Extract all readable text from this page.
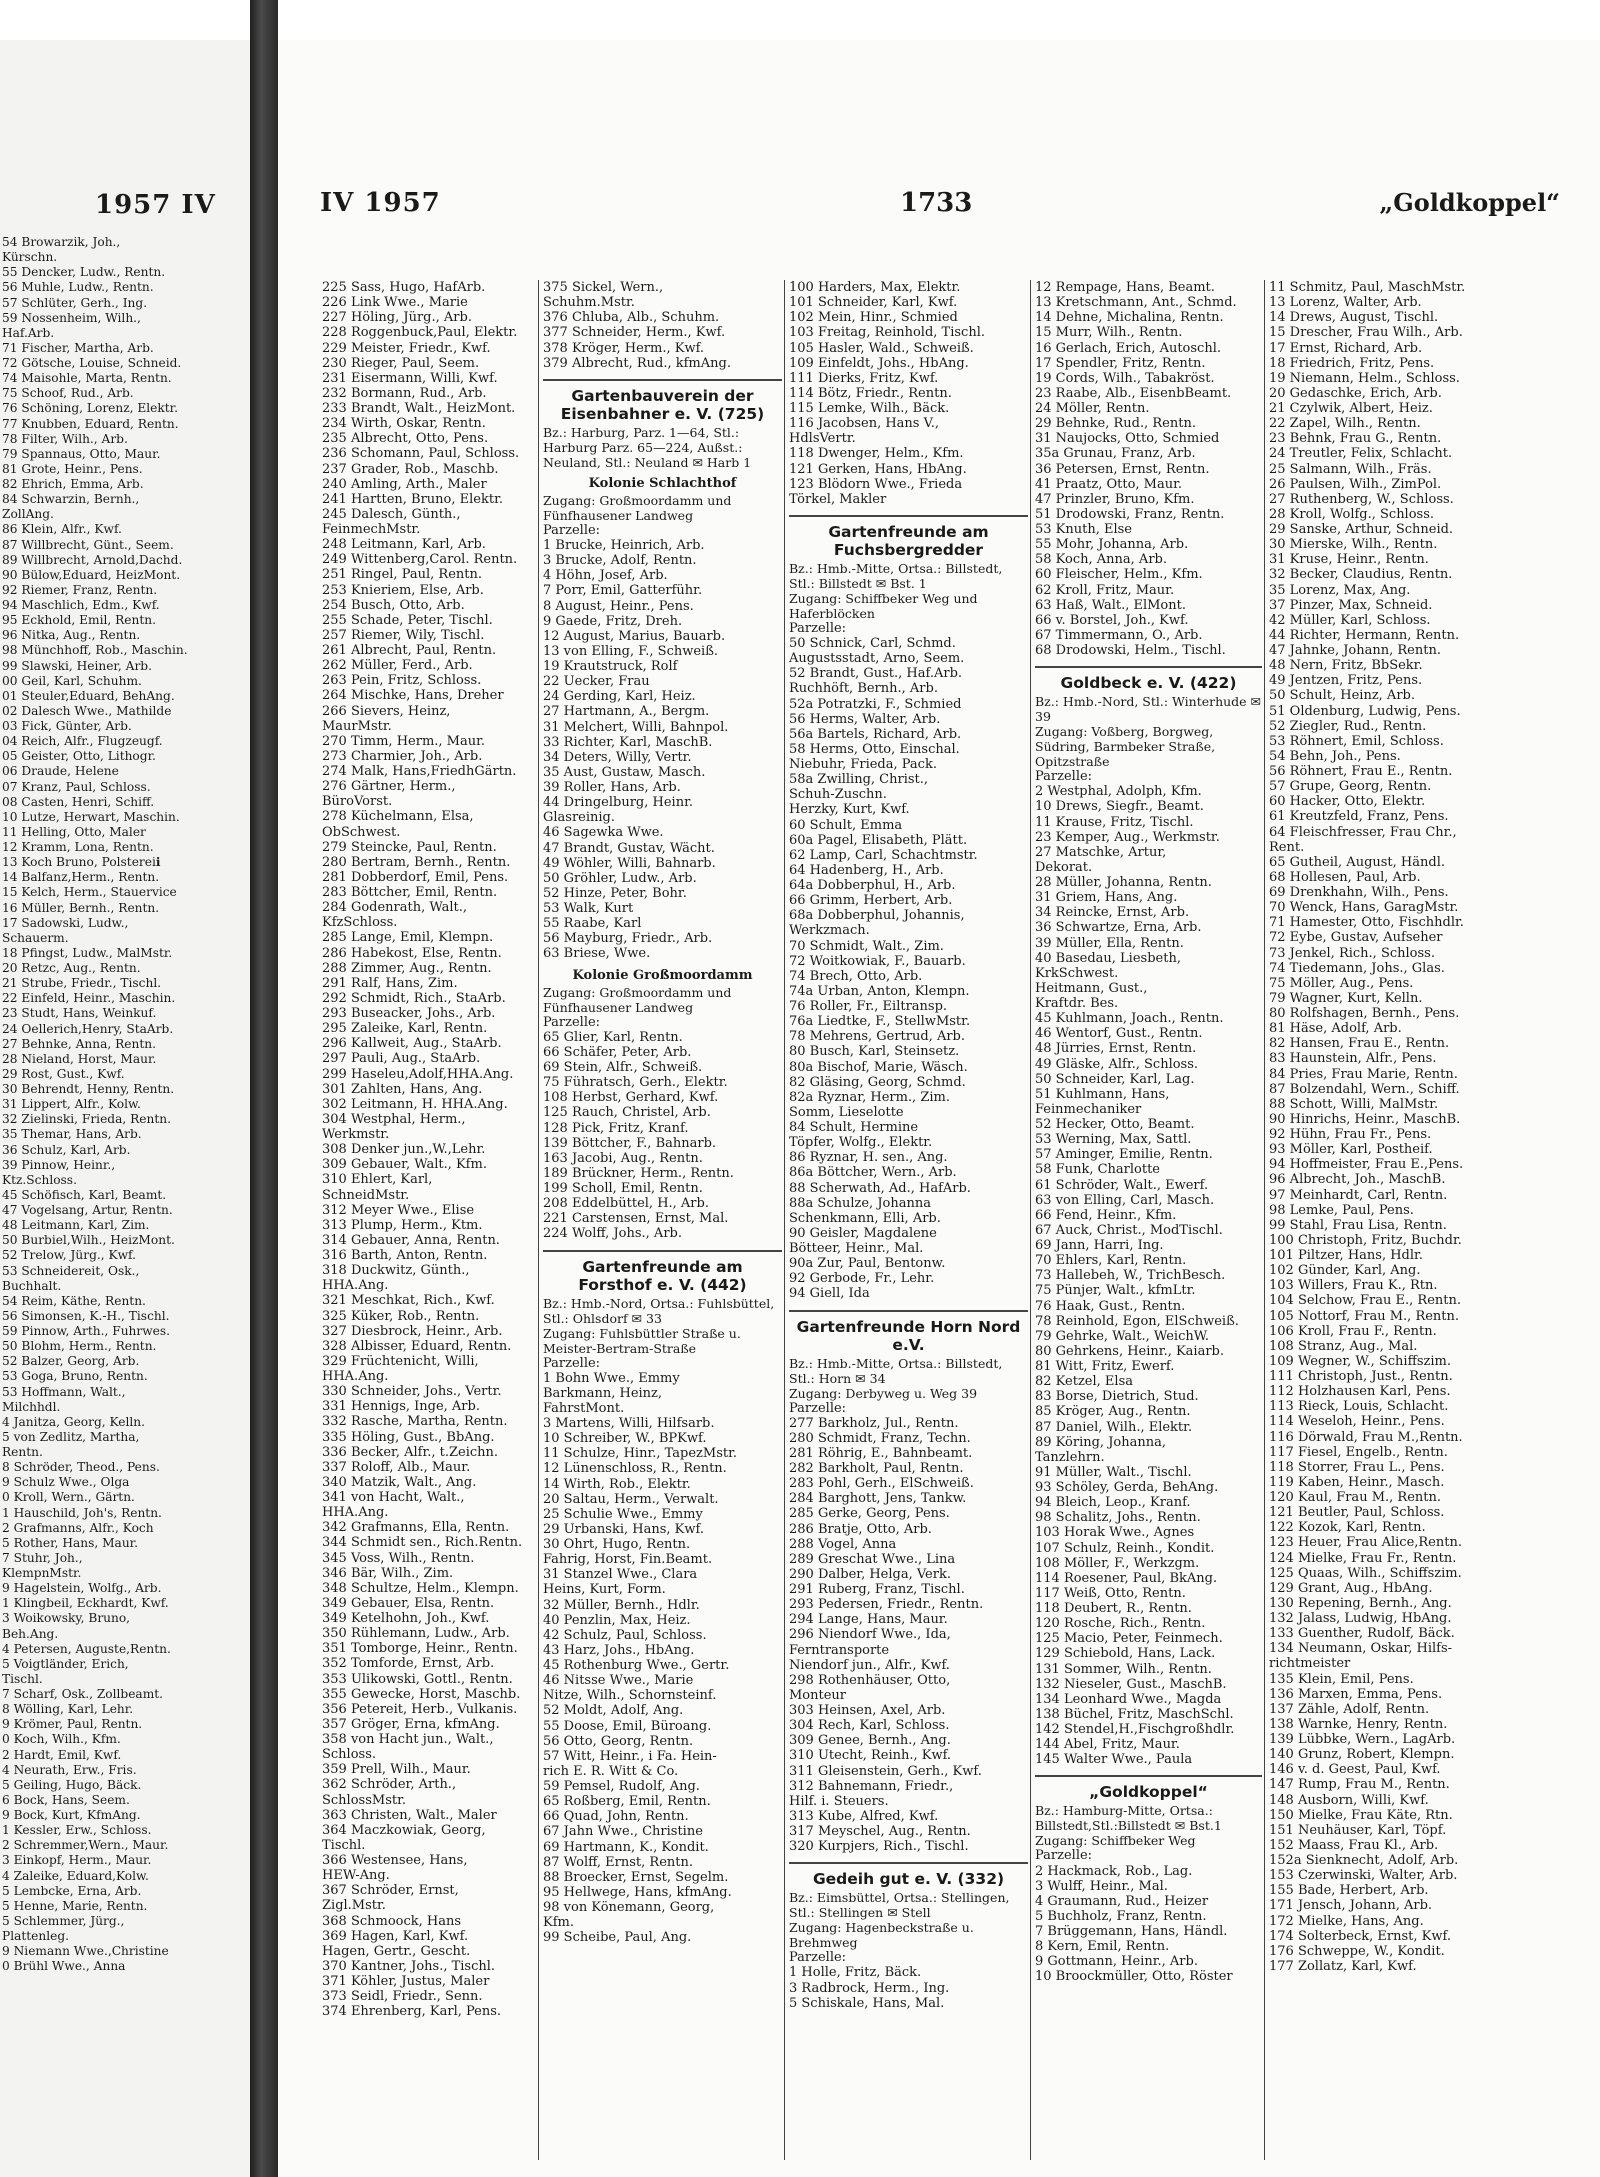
1957 IV
54 Browarzik, Joh.,
Kürschn.
55 Dencker, Ludw., Rentn.
56 Muhle, Ludw., Rentn.
57 Schlüter, Gerh., Ing.
59 Nossenheim, Wilh.,
Haf.Arb.
71 Fischer, Martha, Arb.
72 Götsche, Louise, Schneid.
74 Maisohle, Marta, Rentn.
75 Schoof, Rud., Arb.
76 Schöning, Lorenz, Elektr.
77 Knubben, Eduard, Rentn.
78 Filter, Wilh., Arb.
79 Spannaus, Otto, Maur.
81 Grote, Heinr., Pens.
82 Ehrich, Emma, Arb.
84 Schwarzin, Bernh.,
ZollAng.
86 Klein, Alfr., Kwf.
87 Willbrecht, Günt., Seem.
89 Willbrecht, Arnold,Dachd.
90 Bülow,Eduard, HeizMont.
92 Riemer, Franz, Rentn.
94 Maschlich, Edm., Kwf.
95 Eckhold, Emil, Rentn.
96 Nitka, Aug., Rentn.
98 Münchhoff, Rob., Maschin.
99 Slawski, Heiner, Arb.
00 Geil, Karl, Schuhm.
01 Steuler,Eduard, BehAng.
02 Dalesch Wwe., Mathilde
03 Fick, Günter, Arb.
04 Reich, Alfr., Flugzeugf.
05 Geister, Otto, Lithogr.
06 Draude, Helene
07 Kranz, Paul, Schloss.
08 Casten, Henri, Schiff.
10 Lutze, Herwart, Maschin.
11 Helling, Otto, Maler
12 Kramm, Lona, Rentn.
13 Koch Bruno, Polstereiℹ
14 Balfanz,Herm., Rentn.
15 Kelch, Herm., Stauervice
16 Müller, Bernh., Rentn.
17 Sadowski, Ludw.,
Schauerm.
18 Pfingst, Ludw., MalMstr.
20 Retzc, Aug., Rentn.
21 Strube, Friedr., Tischl.
22 Einfeld, Heinr., Maschin.
23 Studt, Hans, Weinkuf.
24 Oellerich,Henry, StaArb.
27 Behnke, Anna, Rentn.
28 Nieland, Horst, Maur.
29 Rost, Gust., Kwf.
30 Behrendt, Henny, Rentn.
31 Lippert, Alfr., Kolw.
32 Zielinski, Frieda, Rentn.
35 Themar, Hans, Arb.
36 Schulz, Karl, Arb.
39 Pinnow, Heinr.,
Ktz.Schloss.
45 Schöfisch, Karl, Beamt.
47 Vogelsang, Artur, Rentn.
48 Leitmann, Karl, Zim.
50 Burbiel,Wilh., HeizMont.
52 Trelow, Jürg., Kwf.
53 Schneidereit, Osk.,
Buchhalt.
54 Reim, Käthe, Rentn.
56 Simonsen, K.-H., Tischl.
59 Pinnow, Arth., Fuhrwes.
50 Blohm, Herm., Rentn.
52 Balzer, Georg, Arb.
53 Goga, Bruno, Rentn.
53 Hoffmann, Walt.,
Milchhdl.
4 Janitza, Georg, Kelln.
5 von Zedlitz, Martha,
Rentn.
8 Schröder, Theod., Pens.
9 Schulz Wwe., Olga
0 Kroll, Wern., Gärtn.
1 Hauschild, Joh's, Rentn.
2 Grafmanns, Alfr., Koch
5 Rother, Hans, Maur.
7 Stuhr, Joh.,
KlempnMstr.
9 Hagelstein, Wolfg., Arb.
1 Klingbeil, Eckhardt, Kwf.
3 Woikowsky, Bruno,
Beh.Ang.
4 Petersen, Auguste,Rentn.
5 Voigtländer, Erich,
Tischl.
7 Scharf, Osk., Zollbeamt.
8 Wölling, Karl, Lehr.
9 Krömer, Paul, Rentn.
0 Koch, Wilh., Kfm.
2 Hardt, Emil, Kwf.
4 Neurath, Erw., Fris.
5 Geiling, Hugo, Bäck.
6 Bock, Hans, Seem.
9 Bock, Kurt, KfmAng.
1 Kessler, Erw., Schloss.
2 Schremmer,Wern., Maur.
3 Einkopf, Herm., Maur.
4 Zaleike, Eduard,Kolw.
5 Lembcke, Erna, Arb.
5 Henne, Marie, Rentn.
5 Schlemmer, Jürg.,
Plattenleg.
9 Niemann Wwe.,Christine
0 Brühl Wwe., Anna
IV 1957	1733	„Goldkoppel“
225 Sass, Hugo, HafArb.
226 Link Wwe., Marie
227 Höling, Jürg., Arb.
228 Roggenbuck,Paul, Elektr.
229 Meister, Friedr., Kwf.
230 Rieger, Paul, Seem.
231 Eisermann, Willi, Kwf.
232 Bormann, Rud., Arb.
233 Brandt, Walt., HeizMont.
234 Wirth, Oskar, Rentn.
235 Albrecht, Otto, Pens.
236 Schomann, Paul, Schloss.
237 Grader, Rob., Maschb.
240 Amling, Arth., Maler
241 Hartten, Bruno, Elektr.
245 Dalesch, Günth.,
FeinmechMstr.
248 Leitmann, Karl, Arb.
249 Wittenberg,Carol. Rentn.
251 Ringel, Paul, Rentn.
253 Knieriem, Else, Arb.
254 Busch, Otto, Arb.
255 Schade, Peter, Tischl.
257 Riemer, Wily, Tischl.
261 Albrecht, Paul, Rentn.
262 Müller, Ferd., Arb.
263 Pein, Fritz, Schloss.
264 Mischke, Hans, Dreher
266 Sievers, Heinz,
MaurMstr.
270 Timm, Herm., Maur.
273 Charmier, Joh., Arb.
274 Malk, Hans,FriedhGärtn.
276 Gärtner, Herm.,
BüroVorst.
278 Küchelmann, Elsa,
ObSchwest.
279 Steincke, Paul, Rentn.
280 Bertram, Bernh., Rentn.
281 Dobberdorf, Emil, Pens.
283 Böttcher, Emil, Rentn.
284 Godenrath, Walt.,
KfzSchloss.
285 Lange, Emil, Klempn.
286 Habekost, Else, Rentn.
288 Zimmer, Aug., Rentn.
291 Ralf, Hans, Zim.
292 Schmidt, Rich., StaArb.
293 Buseacker, Johs., Arb.
295 Zaleike, Karl, Rentn.
296 Kallweit, Aug., StaArb.
297 Pauli, Aug., StaArb.
299 Haseleu,Adolf,HHA.Ang.
301 Zahlten, Hans, Ang.
302 Leitmann, H. HHA.Ang.
304 Westphal, Herm.,
Werkmstr.
308 Denker jun.,W.,Lehr.
309 Gebauer, Walt., Kfm.
310 Ehlert, Karl,
SchneidMstr.
312 Meyer Wwe., Elise
313 Plump, Herm., Ktm.
314 Gebauer, Anna, Rentn.
316 Barth, Anton, Rentn.
318 Duckwitz, Günth.,
HHA.Ang.
321 Meschkat, Rich., Kwf.
325 Küker, Rob., Rentn.
327 Diesbrock, Heinr., Arb.
328 Albisser, Eduard, Rentn.
329 Früchtenicht, Willi,
HHA.Ang.
330 Schneider, Johs., Vertr.
331 Hennigs, Inge, Arb.
332 Rasche, Martha, Rentn.
335 Höling, Gust., BbAng.
336 Becker, Alfr., t.Zeichn.
337 Roloff, Alb., Maur.
340 Matzik, Walt., Ang.
341 von Hacht, Walt.,
HHA.Ang.
342 Grafmanns, Ella, Rentn.
344 Schmidt sen., Rich.Rentn.
345 Voss, Wilh., Rentn.
346 Bär, Wilh., Zim.
348 Schultze, Helm., Klempn.
349 Gebauer, Elsa, Rentn.
349 Ketelhohn, Joh., Kwf.
350 Rühlemann, Ludw., Arb.
351 Tomborge, Heinr., Rentn.
352 Tomforde, Ernst, Arb.
353 Ulikowski, Gottl., Rentn.
355 Gewecke, Horst, Maschb.
356 Petereit, Herb., Vulkanis.
357 Gröger, Erna, kfmAng.
358 von Hacht jun., Walt.,
Schloss.
359 Prell, Wilh., Maur.
362 Schröder, Arth.,
SchlossMstr.
363 Christen, Walt., Maler
364 Maczkowiak, Georg,
Tischl.
366 Westensee, Hans,
HEW-Ang.
367 Schröder, Ernst,
Zigl.Mstr.
368 Schmoock, Hans
369 Hagen, Karl, Kwf.
Hagen, Gertr., Gescht.
370 Kantner, Johs., Tischl.
371 Köhler, Justus, Maler
373 Seidl, Friedr., Senn.
374 Ehrenberg, Karl, Pens.
375 Sickel, Wern.,
Schuhm.Mstr.
376 Chluba, Alb., Schuhm.
377 Schneider, Herm., Kwf.
378 Kröger, Herm., Kwf.
379 Albrecht, Rud., kfmAng.
Gartenbauverein der Eisenbahner e. V. (725)
Bz.: Harburg, Parz. 1—64, Stl.: Harburg Parz. 65—224, Außst.: Neuland, Stl.: Neuland ✉ Harb 1
Kolonie Schlachthof
Zugang: Großmoordamm und Fünfhausener Landweg
Parzelle:
1 Brucke, Heinrich, Arb.
3 Brucke, Adolf, Rentn.
4 Höhn, Josef, Arb.
7 Porr, Emil, Gatterführ.
8 August, Heinr., Pens.
9 Gaede, Fritz, Dreh.
12 August, Marius, Bauarb.
13 von Elling, F., Schweiß.
19 Krautstruck, Rolf
22 Uecker, Frau
24 Gerding, Karl, Heiz.
27 Hartmann, A., Bergm.
31 Melchert, Willi, Bahnpol.
33 Richter, Karl, MaschB.
34 Deters, Willy, Vertr.
35 Aust, Gustaw, Masch.
39 Roller, Hans, Arb.
44 Dringelburg, Heinr.
Glasreinig.
46 Sagewka Wwe.
47 Brandt, Gustav, Wächt.
49 Wöhler, Willi, Bahnarb.
50 Gröhler, Ludw., Arb.
52 Hinze, Peter, Bohr.
53 Walk, Kurt
55 Raabe, Karl
56 Mayburg, Friedr., Arb.
63 Briese, Wwe.
Kolonie Großmoordamm
Zugang: Großmoordamm und Fünfhausener Landweg
Parzelle:
65 Glier, Karl, Rentn.
66 Schäfer, Peter, Arb.
69 Stein, Alfr., Schweiß.
75 Führatsch, Gerh., Elektr.
108 Herbst, Gerhard, Kwf.
125 Rauch, Christel, Arb.
128 Pick, Fritz, Kranf.
139 Böttcher, F., Bahnarb.
163 Jacobi, Aug., Rentn.
189 Brückner, Herm., Rentn.
199 Scholl, Emil, Rentn.
208 Eddelbüttel, H., Arb.
221 Carstensen, Ernst, Mal.
224 Wolff, Johs., Arb.
Gartenfreunde am Forsthof e. V. (442)
Bz.: Hmb.-Nord, Ortsa.: Fuhlsbüttel, Stl.: Ohlsdorf ✉ 33
Zugang: Fuhlsbüttler Straße u. Meister-Bertram-Straße
Parzelle:
1 Bohn Wwe., Emmy
Barkmann, Heinz,
FahrstMont.
3 Martens, Willi, Hilfsarb.
10 Schreiber, W., BPKwf.
11 Schulze, Hinr., TapezMstr.
12 Lünenschloss, R., Rentn.
14 Wirth, Rob., Elektr.
20 Saltau, Herm., Verwalt.
25 Schulie Wwe., Emmy
29 Urbanski, Hans, Kwf.
30 Ohrt, Hugo, Rentn.
Fahrig, Horst, Fin.Beamt.
31 Stanzel Wwe., Clara
Heins, Kurt, Form.
32 Müller, Bernh., Hdlr.
40 Penzlin, Max, Heiz.
42 Schulz, Paul, Schloss.
43 Harz, Johs., HbAng.
45 Rothenburg Wwe., Gertr.
46 Nitsse Wwe., Marie
Nitze, Wilh., Schornsteinf.
52 Moldt, Adolf, Ang.
55 Doose, Emil, Büroang.
56 Otto, Georg, Rentn.
57 Witt, Heinr., i Fa. Hein-
rich E. R. Witt & Co.
59 Pemsel, Rudolf, Ang.
65 Roßberg, Emil, Rentn.
66 Quad, John, Rentn.
67 Jahn Wwe., Christine
69 Hartmann, K., Kondit.
87 Wolff, Ernst, Rentn.
88 Broecker, Ernst, Segelm.
95 Hellwege, Hans, kfmAng.
98 von Könemann, Georg,
Kfm.
99 Scheibe, Paul, Ang.
100 Harders, Max, Elektr.
101 Schneider, Karl, Kwf.
102 Mein, Hinr., Schmied
103 Freitag, Reinhold, Tischl.
105 Hasler, Wald., Schweiß.
109 Einfeldt, Johs., HbAng.
111 Dierks, Fritz, Kwf.
114 Bötz, Friedr., Rentn.
115 Lemke, Wilh., Bäck.
116 Jacobsen, Hans V.,
HdlsVertr.
118 Dwenger, Helm., Kfm.
121 Gerken, Hans, HbAng.
123 Blödorn Wwe., Frieda
Törkel, Makler
Gartenfreunde am Fuchsbergredder
Bz.: Hmb.-Mitte, Ortsa.: Billstedt, Stl.: Billstedt ✉ Bst. 1
Zugang: Schiffbeker Weg und Haferblöcken
Parzelle:
50 Schnick, Carl, Schmd.
Augustsstadt, Arno, Seem.
52 Brandt, Gust., Haf.Arb.
Ruchhöft, Bernh., Arb.
52a Potratzki, F., Schmied
56 Herms, Walter, Arb.
56a Bartels, Richard, Arb.
58 Herms, Otto, Einschal.
Niebuhr, Frieda, Pack.
58a Zwilling, Christ.,
Schuh-Zuschn.
Herzky, Kurt, Kwf.
60 Schult, Emma
60a Pagel, Elisabeth, Plätt.
62 Lamp, Carl, Schachtmstr.
64 Hadenberg, H., Arb.
64a Dobberphul, H., Arb.
66 Grimm, Herbert, Arb.
68a Dobberphul, Johannis,
Werkzmach.
70 Schmidt, Walt., Zim.
72 Woitkowiak, F., Bauarb.
74 Brech, Otto, Arb.
74a Urban, Anton, Klempn.
76 Roller, Fr., Eiltransp.
76a Liedtke, F., StellwMstr.
78 Mehrens, Gertrud, Arb.
80 Busch, Karl, Steinsetz.
80a Bischof, Marie, Wäsch.
82 Gläsing, Georg, Schmd.
82a Ryznar, Herm., Zim.
Somm, Lieselotte
84 Schult, Hermine
Töpfer, Wolfg., Elektr.
86 Ryznar, H. sen., Ang.
86a Böttcher, Wern., Arb.
88 Scherwath, Ad., HafArb.
88a Schulze, Johanna
Schenkmann, Elli, Arb.
90 Geisler, Magdalene
Bötteer, Heinr., Mal.
90a Zur, Paul, Bentonw.
92 Gerbode, Fr., Lehr.
94 Giell, Ida
Gartenfreunde Horn Nord e.V.
Bz.: Hmb.-Mitte, Ortsa.: Billstedt, Stl.: Horn ✉ 34
Zugang: Derbyweg u. Weg 39
Parzelle:
277 Barkholz, Jul., Rentn.
280 Schmidt, Franz, Techn.
281 Röhrig, E., Bahnbeamt.
282 Barkholt, Paul, Rentn.
283 Pohl, Gerh., ElSchweiß.
284 Barghott, Jens, Tankw.
285 Gerke, Georg, Pens.
286 Bratje, Otto, Arb.
288 Vogel, Anna
289 Greschat Wwe., Lina
290 Dalber, Helga, Verk.
291 Ruberg, Franz, Tischl.
293 Pedersen, Friedr., Rentn.
294 Lange, Hans, Maur.
296 Niendorf Wwe., Ida,
Ferntransporte
Niendorf jun., Alfr., Kwf.
298 Rothenhäuser, Otto,
Monteur
303 Heinsen, Axel, Arb.
304 Rech, Karl, Schloss.
309 Genee, Bernh., Ang.
310 Utecht, Reinh., Kwf.
311 Gleisenstein, Gerh., Kwf.
312 Bahnemann, Friedr.,
Hilf. i. Steuers.
313 Kube, Alfred, Kwf.
317 Meyschel, Aug., Rentn.
320 Kurpjers, Rich., Tischl.
Gedeih gut e. V. (332)
Bz.: Eimsbüttel, Ortsa.: Stellingen, Stl.: Stellingen ✉ Stell
Zugang: Hagenbeckstraße u. Brehmweg
Parzelle:
1 Holle, Fritz, Bäck.
3 Radbrock, Herm., Ing.
5 Schiskale, Hans, Mal.
12 Rempage, Hans, Beamt.
13 Kretschmann, Ant., Schmd.
14 Dehne, Michalina, Rentn.
15 Murr, Wilh., Rentn.
16 Gerlach, Erich, Autoschl.
17 Spendler, Fritz, Rentn.
19 Cords, Wilh., Tabakröst.
23 Raabe, Alb., EisenbBeamt.
24 Möller, Rentn.
29 Behnke, Rud., Rentn.
31 Naujocks, Otto, Schmied
35a Grunau, Franz, Arb.
36 Petersen, Ernst, Rentn.
41 Praatz, Otto, Maur.
47 Prinzler, Bruno, Kfm.
51 Drodowski, Franz, Rentn.
53 Knuth, Else
55 Mohr, Johanna, Arb.
58 Koch, Anna, Arb.
60 Fleischer, Helm., Kfm.
62 Kroll, Fritz, Maur.
63 Haß, Walt., ElMont.
66 v. Borstel, Joh., Kwf.
67 Timmermann, O., Arb.
68 Drodowski, Helm., Tischl.
Goldbeck e. V. (422)
Bz.: Hmb.-Nord, Stl.: Winterhude ✉ 39
Zugang: Voßberg, Borgweg, Südring, Barmbeker Straße, Opitzstraße
Parzelle:
2 Westphal, Adolph, Kfm.
10 Drews, Siegfr., Beamt.
11 Krause, Fritz, Tischl.
23 Kemper, Aug., Werkmstr.
27 Matschke, Artur,
Dekorat.
28 Müller, Johanna, Rentn.
31 Griem, Hans, Ang.
34 Reincke, Ernst, Arb.
36 Schwartze, Erna, Arb.
39 Müller, Ella, Rentn.
40 Basedau, Liesbeth,
KrkSchwest.
Heitmann, Gust.,
Kraftdr. Bes.
45 Kuhlmann, Joach., Rentn.
46 Wentorf, Gust., Rentn.
48 Jürries, Ernst, Rentn.
49 Gläske, Alfr., Schloss.
50 Schneider, Karl, Lag.
51 Kuhlmann, Hans,
Feinmechaniker
52 Hecker, Otto, Beamt.
53 Werning, Max, Sattl.
57 Aminger, Emilie, Rentn.
58 Funk, Charlotte
61 Schröder, Walt., Ewerf.
63 von Elling, Carl, Masch.
66 Fend, Heinr., Kfm.
67 Auck, Christ., ModTischl.
69 Jann, Harri, Ing.
70 Ehlers, Karl, Rentn.
73 Hallebeh, W., TrichBesch.
75 Pünjer, Walt., kfmLtr.
76 Haak, Gust., Rentn.
78 Reinhold, Egon, ElSchweiß.
79 Gehrke, Walt., WeichW.
80 Gehrkens, Heinr., Kaiarb.
81 Witt, Fritz, Ewerf.
82 Ketzel, Elsa
83 Borse, Dietrich, Stud.
85 Kröger, Aug., Rentn.
87 Daniel, Wilh., Elektr.
89 Köring, Johanna,
Tanzlehrn.
91 Müller, Walt., Tischl.
93 Schöley, Gerda, BehAng.
94 Bleich, Leop., Kranf.
98 Schalitz, Johs., Rentn.
103 Horak Wwe., Agnes
107 Schulz, Reinh., Kondit.
108 Möller, F., Werkzgm.
114 Roesener, Paul, BkAng.
117 Weiß, Otto, Rentn.
118 Deubert, R., Rentn.
120 Rosche, Rich., Rentn.
125 Macio, Peter, Feinmech.
129 Schiebold, Hans, Lack.
131 Sommer, Wilh., Rentn.
132 Nieseler, Gust., MaschB.
134 Leonhard Wwe., Magda
138 Büchel, Fritz, MaschSchl.
142 Stendel,H.,Fischgroßhdlr.
144 Abel, Fritz, Maur.
145 Walter Wwe., Paula
„Goldkoppel“
Bz.: Hamburg-Mitte, Ortsa.: Billstedt,Stl.:Billstedt ✉ Bst.1
Zugang: Schiffbeker Weg
Parzelle:
2 Hackmack, Rob., Lag.
3 Wulff, Heinr., Mal.
4 Graumann, Rud., Heizer
5 Buchholz, Franz, Rentn.
7 Brüggemann, Hans, Händl.
8 Kern, Emil, Rentn.
9 Gottmann, Heinr., Arb.
10 Broockmüller, Otto, Röster
11 Schmitz, Paul, MaschMstr.
13 Lorenz, Walter, Arb.
14 Drews, August, Tischl.
15 Drescher, Frau Wilh., Arb.
17 Ernst, Richard, Arb.
18 Friedrich, Fritz, Pens.
19 Niemann, Helm., Schloss.
20 Gedaschke, Erich, Arb.
21 Czylwik, Albert, Heiz.
22 Zapel, Wilh., Rentn.
23 Behnk, Frau G., Rentn.
24 Treutler, Felix, Schlacht.
25 Salmann, Wilh., Fräs.
26 Paulsen, Wilh., ZimPol.
27 Ruthenberg, W., Schloss.
28 Kroll, Wolfg., Schloss.
29 Sanske, Arthur, Schneid.
30 Mierske, Wilh., Rentn.
31 Kruse, Heinr., Rentn.
32 Becker, Claudius, Rentn.
35 Lorenz, Max, Ang.
37 Pinzer, Max, Schneid.
42 Müller, Karl, Schloss.
44 Richter, Hermann, Rentn.
47 Jahnke, Johann, Rentn.
48 Nern, Fritz, BbSekr.
49 Jentzen, Fritz, Pens.
50 Schult, Heinz, Arb.
51 Oldenburg, Ludwig, Pens.
52 Ziegler, Rud., Rentn.
53 Röhnert, Emil, Schloss.
54 Behn, Joh., Pens.
56 Röhnert, Frau E., Rentn.
57 Grupe, Georg, Rentn.
60 Hacker, Otto, Elektr.
61 Kreutzfeld, Franz, Pens.
64 Fleischfresser, Frau Chr.,
Rent.
65 Gutheil, August, Händl.
68 Hollesen, Paul, Arb.
69 Drenkhahn, Wilh., Pens.
70 Wenck, Hans, GaragMstr.
71 Hamester, Otto, Fischhdlr.
72 Eybe, Gustav, Aufseher
73 Jenkel, Rich., Schloss.
74 Tiedemann, Johs., Glas.
75 Möller, Aug., Pens.
79 Wagner, Kurt, Kelln.
80 Rolfshagen, Bernh., Pens.
81 Häse, Adolf, Arb.
82 Hansen, Frau E., Rentn.
83 Haunstein, Alfr., Pens.
84 Pries, Frau Marie, Rentn.
87 Bolzendahl, Wern., Schiff.
88 Schott, Willi, MalMstr.
90 Hinrichs, Heinr., MaschB.
92 Hühn, Frau Fr., Pens.
93 Möller, Karl, Postheif.
94 Hoffmeister, Frau E.,Pens.
96 Albrecht, Joh., MaschB.
97 Meinhardt, Carl, Rentn.
98 Lemke, Paul, Pens.
99 Stahl, Frau Lisa, Rentn.
100 Christoph, Fritz, Buchdr.
101 Piltzer, Hans, Hdlr.
102 Günder, Karl, Ang.
103 Willers, Frau K., Rtn.
104 Selchow, Frau E., Rentn.
105 Nottorf, Frau M., Rentn.
106 Kroll, Frau F., Rentn.
108 Stranz, Aug., Mal.
109 Wegner, W., Schiffszim.
111 Christoph, Just., Rentn.
112 Holzhausen Karl, Pens.
113 Rieck, Louis, Schlacht.
114 Weseloh, Heinr., Pens.
116 Dörwald, Frau M.,Rentn.
117 Fiesel, Engelb., Rentn.
118 Storrer, Frau L., Pens.
119 Kaben, Heinr., Masch.
120 Kaul, Frau M., Rentn.
121 Beutler, Paul, Schloss.
122 Kozok, Karl, Rentn.
123 Heuer, Frau Alice,Rentn.
124 Mielke, Frau Fr., Rentn.
125 Quaas, Wilh., Schiffszim.
129 Grant, Aug., HbAng.
130 Repening, Bernh., Ang.
132 Jalass, Ludwig, HbAng.
133 Guenther, Rudolf, Bäck.
134 Neumann, Oskar, Hilfs-
richtmeister
135 Klein, Emil, Pens.
136 Marxen, Emma, Pens.
137 Zähle, Adolf, Rentn.
138 Warnke, Henry, Rentn.
139 Lübbke, Wern., LagArb.
140 Grunz, Robert, Klempn.
146 v. d. Geest, Paul, Kwf.
147 Rump, Frau M., Rentn.
148 Ausborn, Willi, Kwf.
150 Mielke, Frau Käte, Rtn.
151 Neuhäuser, Karl, Töpf.
152 Maass, Frau Kl., Arb.
152a Sienknecht, Adolf, Arb.
153 Czerwinski, Walter, Arb.
155 Bade, Herbert, Arb.
171 Jensch, Johann, Arb.
172 Mielke, Hans, Ang.
174 Solterbeck, Ernst, Kwf.
176 Schweppe, W., Kondit.
177 Zollatz, Karl, Kwf.
